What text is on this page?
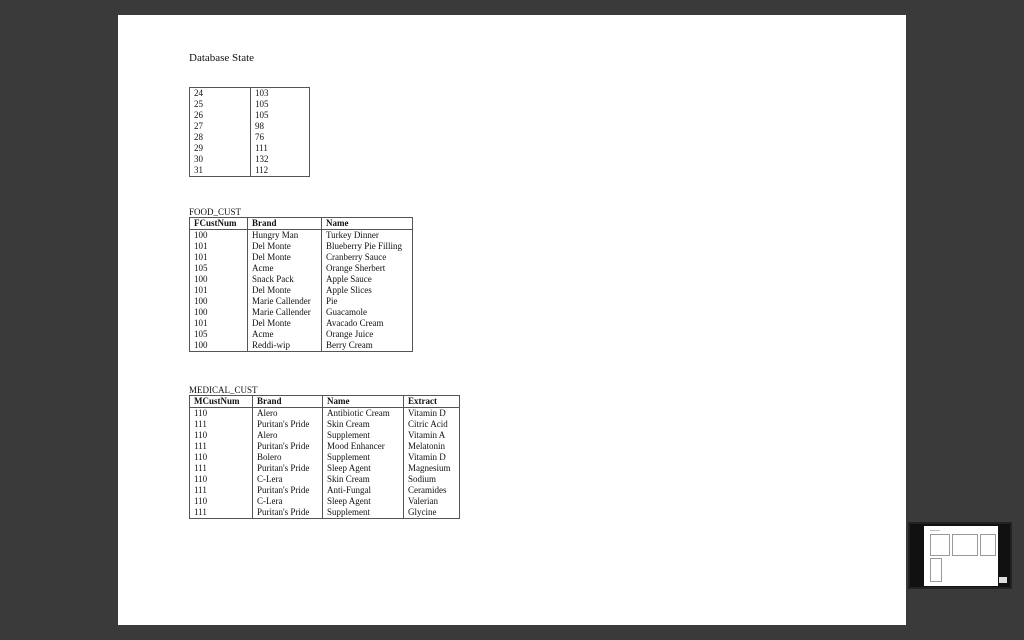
Database State
24	103
25	105
26	105
27	98
28	76
29	111
30	132
31	112
FOOD_CUST
FCustNum	Brand	Name
100	Hungry Man	Turkey Dinner
101	Del Monte	Blueberry Pie Filling
101	Del Monte	Cranberry Sauce
105	Acme	Orange Sherbert
100	Snack Pack	Apple Sauce
101	Del Monte	Apple Slices
100	Marie Callender	Pie
100	Marie Callender	Guacamole
101	Del Monte	Avacado Cream
105	Acme	Orange Juice
100	Reddi-wip	Berry Cream
MEDICAL_CUST
MCustNum	Brand	Name	Extract
110	Alero	Antibiotic Cream	Vitamin D
111	Puritan's Pride	Skin Cream	Citric Acid
110	Alero	Supplement	Vitamin A
111	Puritan's Pride	Mood Enhancer	Melatonin
110	Bolero	Supplement	Vitamin D
111	Puritan's Pride	Sleep Agent	Magnesium
110	C-Lera	Skin Cream	Sodium
111	Puritan's Pride	Anti-Fungal	Ceramides
110	C-Lera	Sleep Agent	Valerian
111	Puritan's Pride	Supplement	Glycine
